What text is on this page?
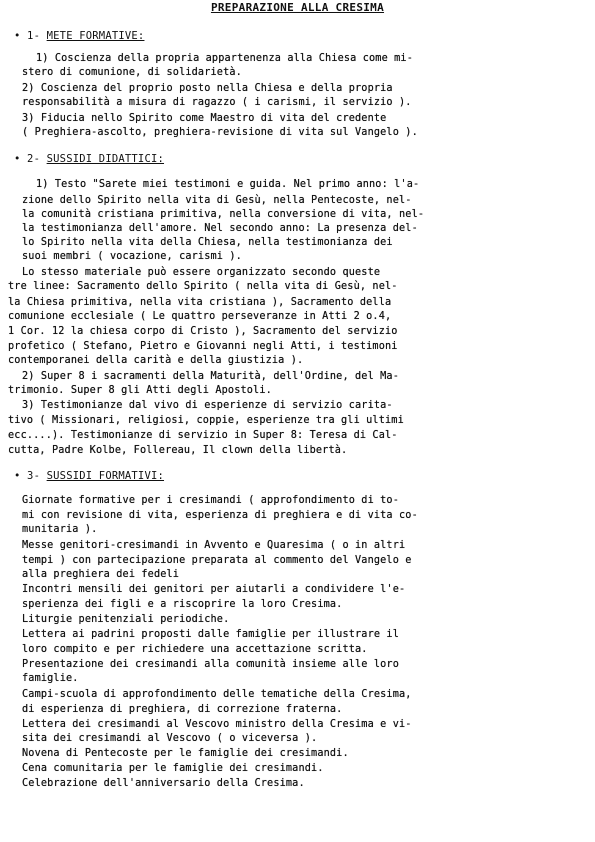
PREPARAZIONE ALLA CRESIMA
• 1- METE FORMATIVE:
1) Coscienza della propria appartenenza alla Chiesa come mi-
stero di comunione, di solidarietà.
2) Coscienza del proprio posto nella Chiesa e della propria
responsabilità a misura di ragazzo ( i carismi, il servizio ).
3) Fiducia nello Spirito come Maestro di vita del credente
( Preghiera-ascolto, preghiera-revisione di vita sul Vangelo ).
• 2- SUSSIDI DIDATTICI:
1) Testo "Sarete miei testimoni e guida. Nel primo anno: l'a-
zione dello Spirito nella vita di Gesù, nella Pentecoste, nel-
la comunità cristiana primitiva, nella conversione di vita, nel-
la testimonianza dell'amore. Nel secondo anno: La presenza del-
lo Spirito nella vita della Chiesa, nella testimonianza dei
suoi membri ( vocazione, carismi ).
Lo stesso materiale può essere organizzato secondo queste
tre linee: Sacramento dello Spirito ( nella vita di Gesù, nel-
la Chiesa primitiva, nella vita cristiana ), Sacramento della
comunione ecclesiale ( Le quattro perseveranze in Atti 2 o.4,
1 Cor. 12 la chiesa corpo di Cristo ), Sacramento del servizio
profetico ( Stefano, Pietro e Giovanni negli Atti, i testimoni
contemporanei della carità e della giustizia ).
2) Super 8 i sacramenti della Maturità, dell'Ordine, del Ma-
trimonio. Super 8 gli Atti degli Apostoli.
3) Testimonianze dal vivo di esperienze di servizio carita-
tivo ( Missionari, religiosi, coppie, esperienze tra gli ultimi
ecc....). Testimonianze di servizio in Super 8: Teresa di Cal-
cutta, Padre Kolbe, Follereau, Il clown della libertà.
• 3- SUSSIDI FORMATIVI:
Giornate formative per i cresimandi ( approfondimento di to-
mi con revisione di vita, esperienza di preghiera e di vita co-
munitaria ).
Messe genitori-cresimandi in Avvento e Quaresima ( o in altri
tempi ) con partecipazione preparata al commento del Vangelo e
alla preghiera dei fedeli
Incontri mensili dei genitori per aiutarli a condividere l'e-
sperienza dei figli e a riscoprire la loro Cresima.
Liturgie penitenziali periodiche.
Lettera ai padrini proposti dalle famiglie per illustrare il
loro compito e per richiedere una accettazione scritta.
Presentazione dei cresimandi alla comunità insieme alle loro
famiglie.
Campi-scuola di approfondimento delle tematiche della Cresima,
di esperienza di preghiera, di correzione fraterna.
Lettera dei cresimandi al Vescovo ministro della Cresima e vi-
sita dei cresimandi al Vescovo ( o viceversa ).
Novena di Pentecoste per le famiglie dei cresimandi.
Cena comunitaria per le famiglie dei cresimandi.
Celebrazione dell'anniversario della Cresima.
